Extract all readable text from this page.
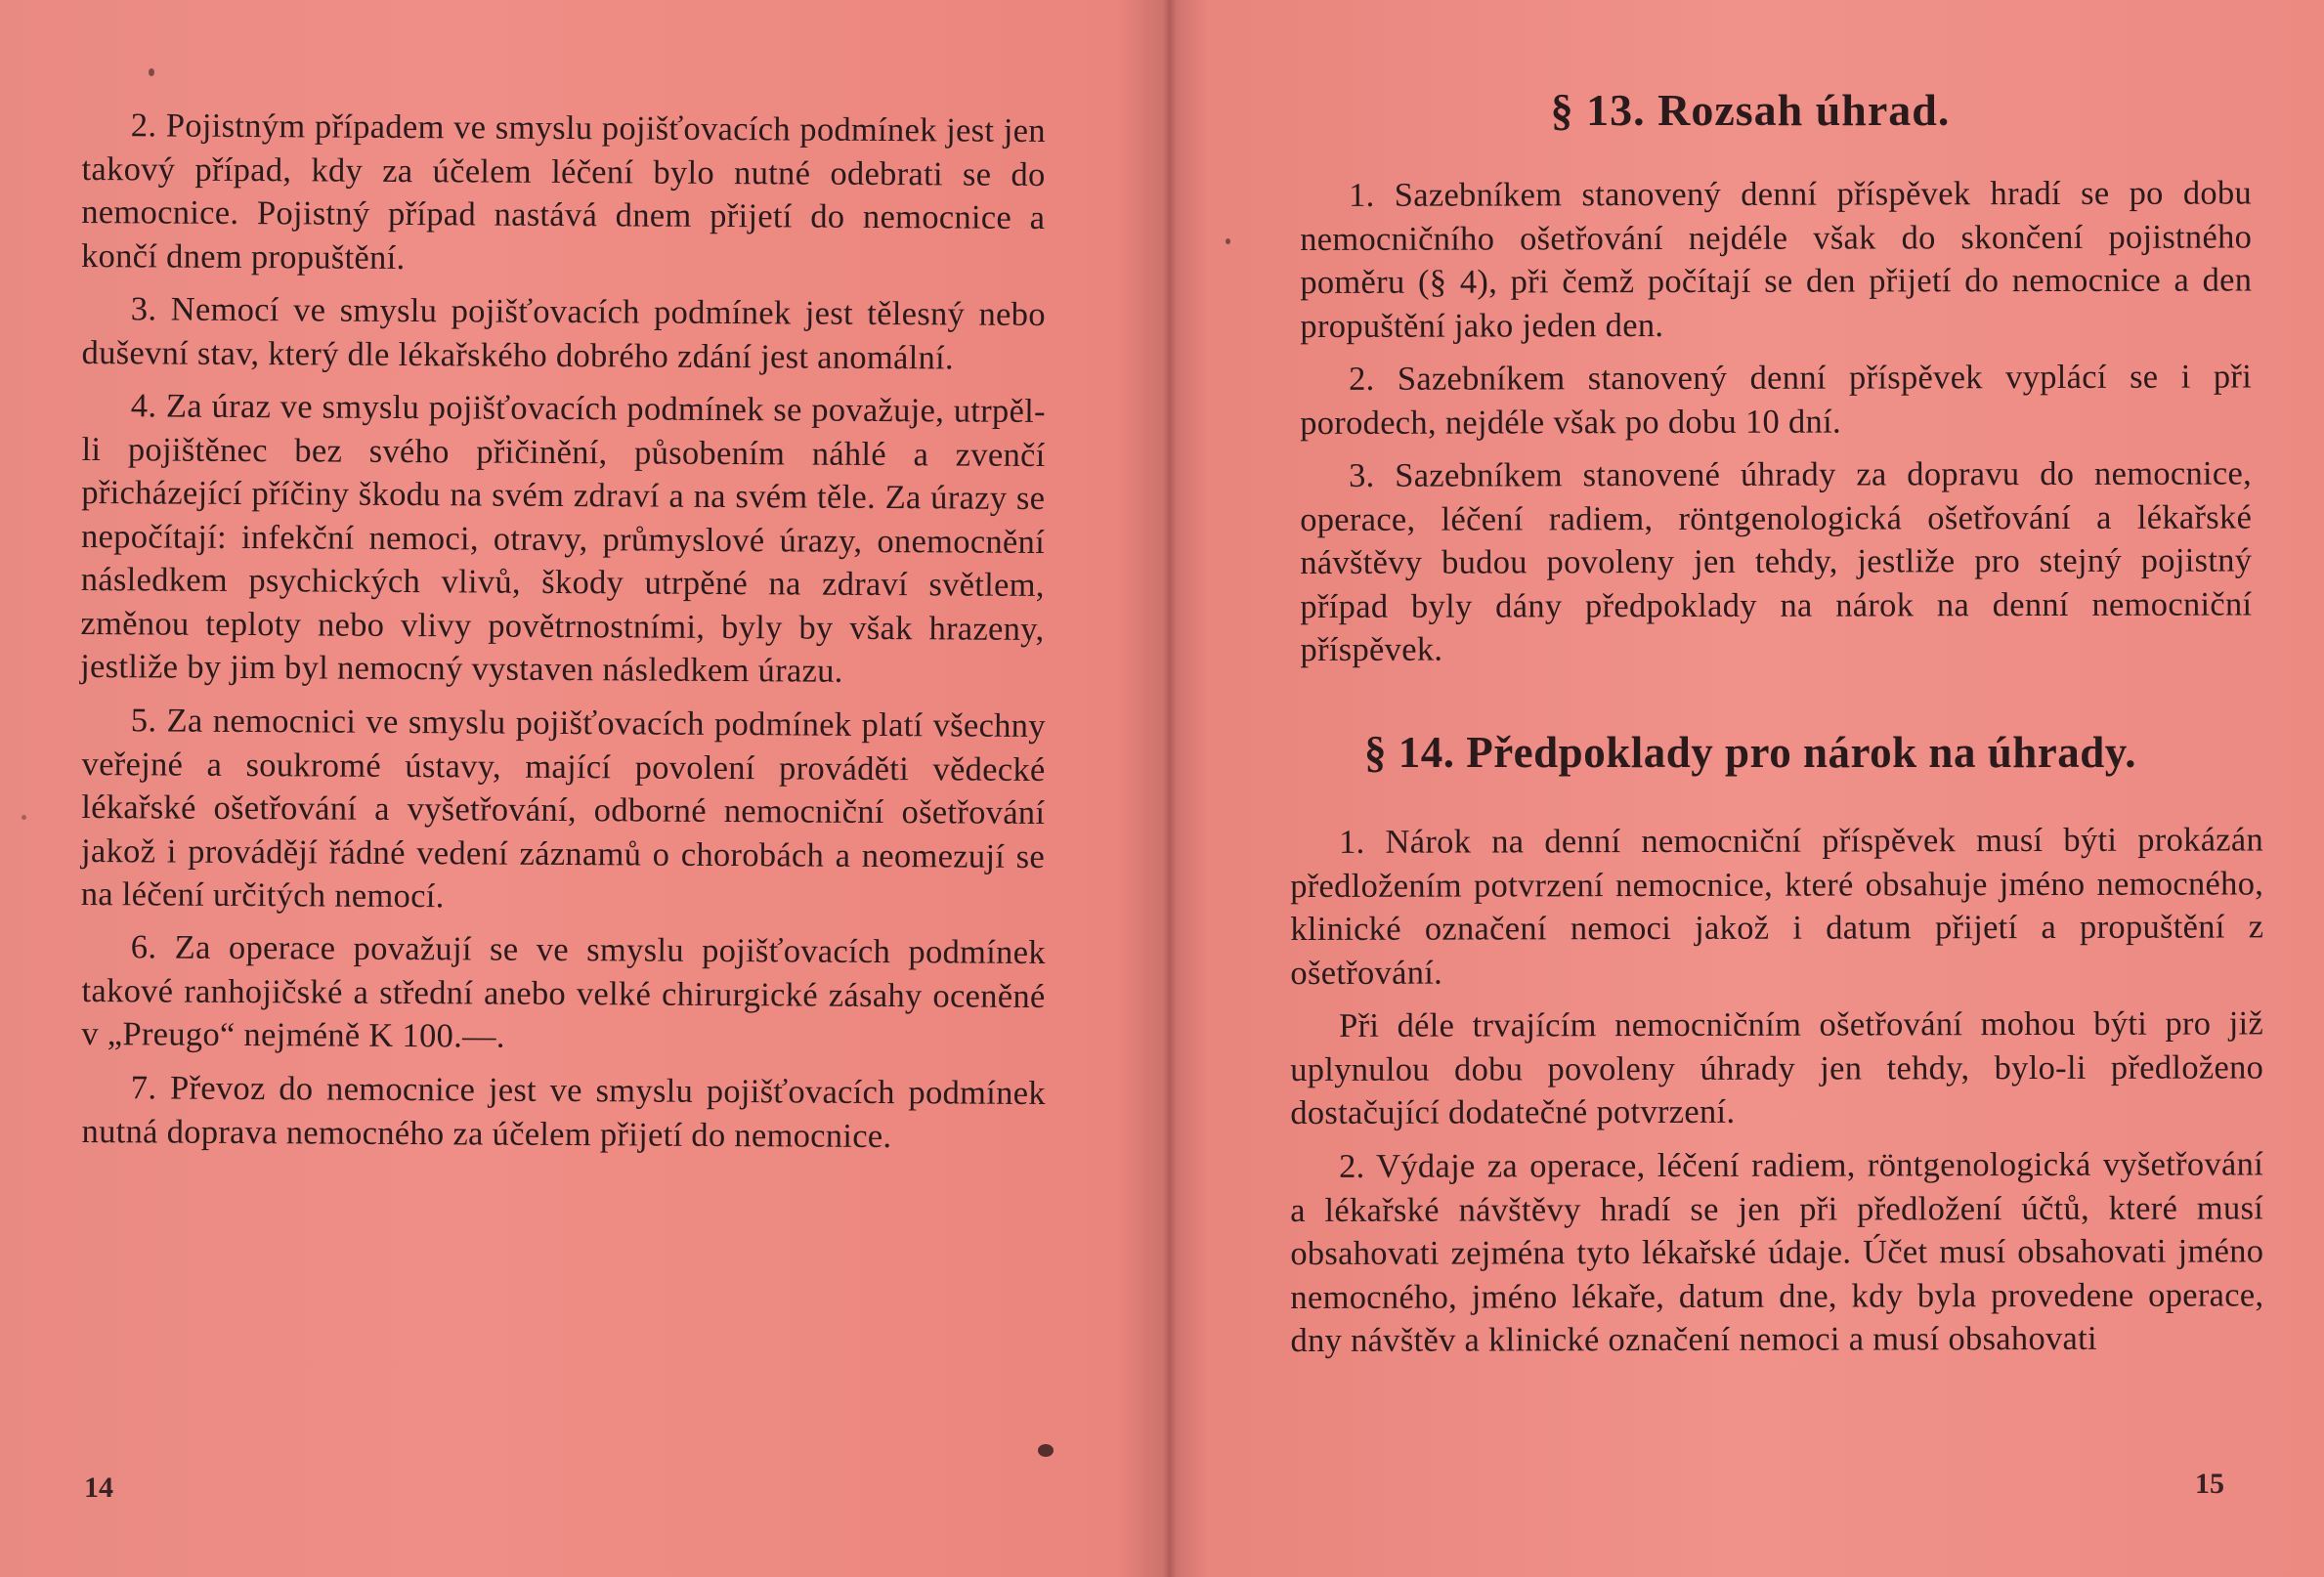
2. Pojistným případem ve smyslu pojišťovacích podmínek jest jen takový případ, kdy za účelem léčení bylo nutné odebrati se do nemocnice. Pojistný případ nastává dnem přijetí do nemocnice a končí dnem propuštění.

3. Nemocí ve smyslu pojišťovacích podmínek jest tělesný nebo duševní stav, který dle lékařského dobrého zdání jest anomální.

4. Za úraz ve smyslu pojišťovacích podmínek se považuje, utrpěl-li pojištěnec bez svého přičinění, působením náhlé a zvenčí přicházející příčiny škodu na svém zdraví a na svém těle. Za úrazy se nepočítají: infekční nemoci, otravy, průmyslové úrazy, onemocnění následkem psychických vlivů, škody utrpěné na zdraví světlem, změnou teploty nebo vlivy povětrnostními, byly by však hrazeny, jestliže by jim byl nemocný vystaven následkem úrazu.

5. Za nemocnici ve smyslu pojišťovacích podmínek platí všechny veřejné a soukromé ústavy, mající povolení prováděti vědecké lékařské ošetřování a vyšetřování, odborné nemocniční ošetřování jakož i provádějí řádné vedení záznamů o chorobách a neomezují se na léčení určitých nemocí.

6. Za operace považují se ve smyslu pojišťovacích podmínek takové ranhojičské a střední anebo velké chirurgické zásahy oceněné v „Preugo“ nejméně K 100.—.

7. Převoz do nemocnice jest ve smyslu pojišťovacích podmínek nutná doprava nemocného za účelem přijetí do nemocnice.

14
§ 13. Rozsah úhrad.

1. Sazebníkem stanovený denní příspěvek hradí se po dobu nemocničního ošetřování nejdéle však do skončení pojistného poměru (§ 4), při čemž počítají se den přijetí do nemocnice a den propuštění jako jeden den.

2. Sazebníkem stanovený denní příspěvek vyplácí se i při porodech, nejdéle však po dobu 10 dní.

3. Sazebníkem stanovené úhrady za dopravu do nemocnice, operace, léčení radiem, röntgenologická ošetřování a lékařské návštěvy budou povoleny jen tehdy, jestliže pro stejný pojistný případ byly dány předpoklady na nárok na denní nemocniční příspěvek.

§ 14. Předpoklady pro nárok na úhrady.

1. Nárok na denní nemocniční příspěvek musí býti prokázán předložením potvrzení nemocnice, které obsahuje jméno nemocného, klinické označení nemoci jakož i datum přijetí a propuštění z ošetřování.

Při déle trvajícím nemocničním ošetřování mohou býti pro již uplynulou dobu povoleny úhrady jen tehdy, bylo-li předloženo dostačující dodatečné potvrzení.

2. Výdaje za operace, léčení radiem, röntgenologická vyšetřování a lékařské návštěvy hradí se jen při předložení účtů, které musí obsahovati zejména tyto lékařské údaje. Účet musí obsahovati jméno nemocného, jméno lékaře, datum dne, kdy byla provedene operace, dny návštěv a klinické označení nemoci a musí obsahovati

15
